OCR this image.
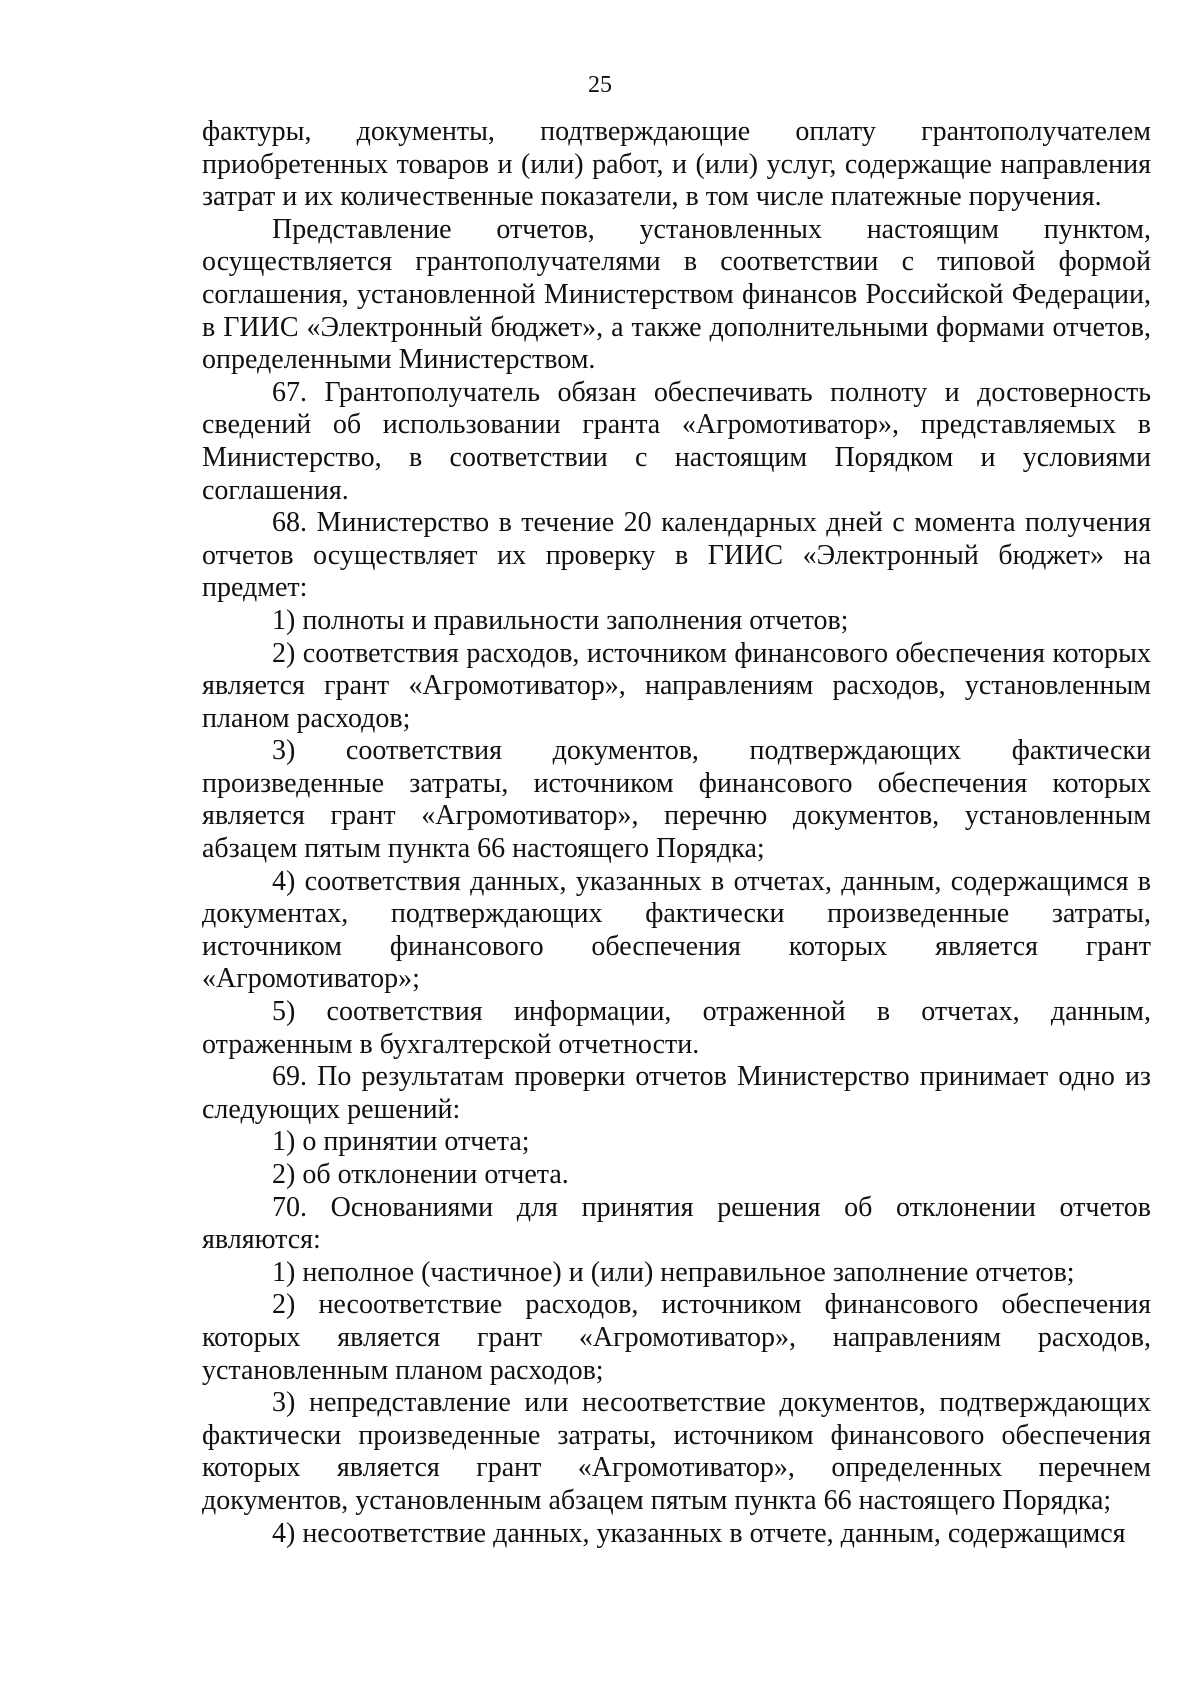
25

фактуры, документы, подтверждающие оплату грантополучателем приобретенных товаров и (или) работ, и (или) услуг, содержащие направления затрат и их количественные показатели, в том числе платежные поручения.

Представление отчетов, установленных настоящим пунктом, осуществляется грантополучателями в соответствии с типовой формой соглашения, установленной Министерством финансов Российской Федерации, в ГИИС «Электронный бюджет», а также дополнительными формами отчетов, определенными Министерством.

67. Грантополучатель обязан обеспечивать полноту и достоверность сведений об использовании гранта «Агромотиватор», представляемых в Министерство, в соответствии с настоящим Порядком и условиями соглашения.

68. Министерство в течение 20 календарных дней с момента получения отчетов осуществляет их проверку в ГИИС «Электронный бюджет» на предмет:

1) полноты и правильности заполнения отчетов;

2) соответствия расходов, источником финансового обеспечения которых является грант «Агромотиватор», направлениям расходов, установленным планом расходов;

3) соответствия документов, подтверждающих фактически произведенные затраты, источником финансового обеспечения которых является грант «Агромотиватор», перечню документов, установленным абзацем пятым пункта 66 настоящего Порядка;

4) соответствия данных, указанных в отчетах, данным, содержащимся в документах, подтверждающих фактически произведенные затраты, источником финансового обеспечения которых является грант «Агромотиватор»;

5) соответствия информации, отраженной в отчетах, данным, отраженным в бухгалтерской отчетности.

69. По результатам проверки отчетов Министерство принимает одно из следующих решений:

1) о принятии отчета;

2) об отклонении отчета.

70. Основаниями для принятия решения об отклонении отчетов являются:

1) неполное (частичное) и (или) неправильное заполнение отчетов;

2) несоответствие расходов, источником финансового обеспечения которых является грант «Агромотиватор», направлениям расходов, установленным планом расходов;

3) непредставление или несоответствие документов, подтверждающих фактически произведенные затраты, источником финансового обеспечения которых является грант «Агромотиватор», определенных перечнем документов, установленным абзацем пятым пункта 66 настоящего Порядка;

4) несоответствие данных, указанных в отчете, данным, содержащимся
